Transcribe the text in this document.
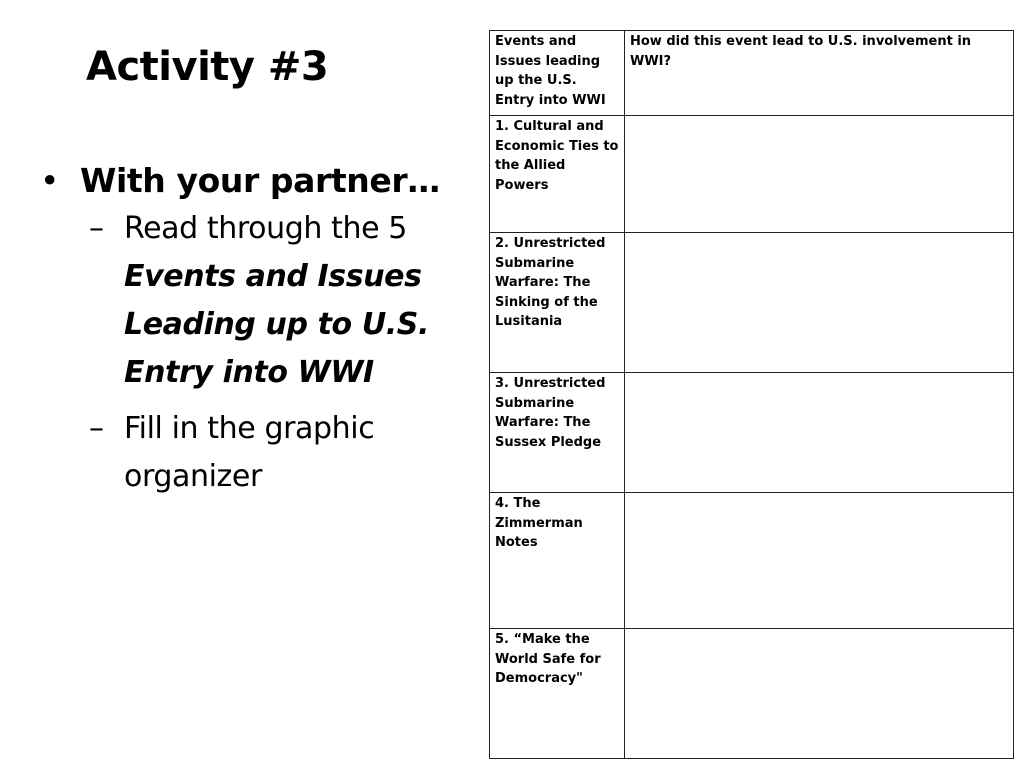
Activity #3
• With your partner…
– Read through the 5 Events and Issues Leading up to U.S. Entry into WWI
– Fill in the graphic organizer
Events and Issues leading up the U.S. Entry into WWI	How did this event lead to U.S. involvement in WWI?
1. Cultural and Economic Ties to the Allied Powers	
2. Unrestricted Submarine Warfare: The Sinking of the Lusitania	
3. Unrestricted Submarine Warfare: The Sussex Pledge	
4. The Zimmerman Notes	
5. “Make the World Safe for Democracy"	
